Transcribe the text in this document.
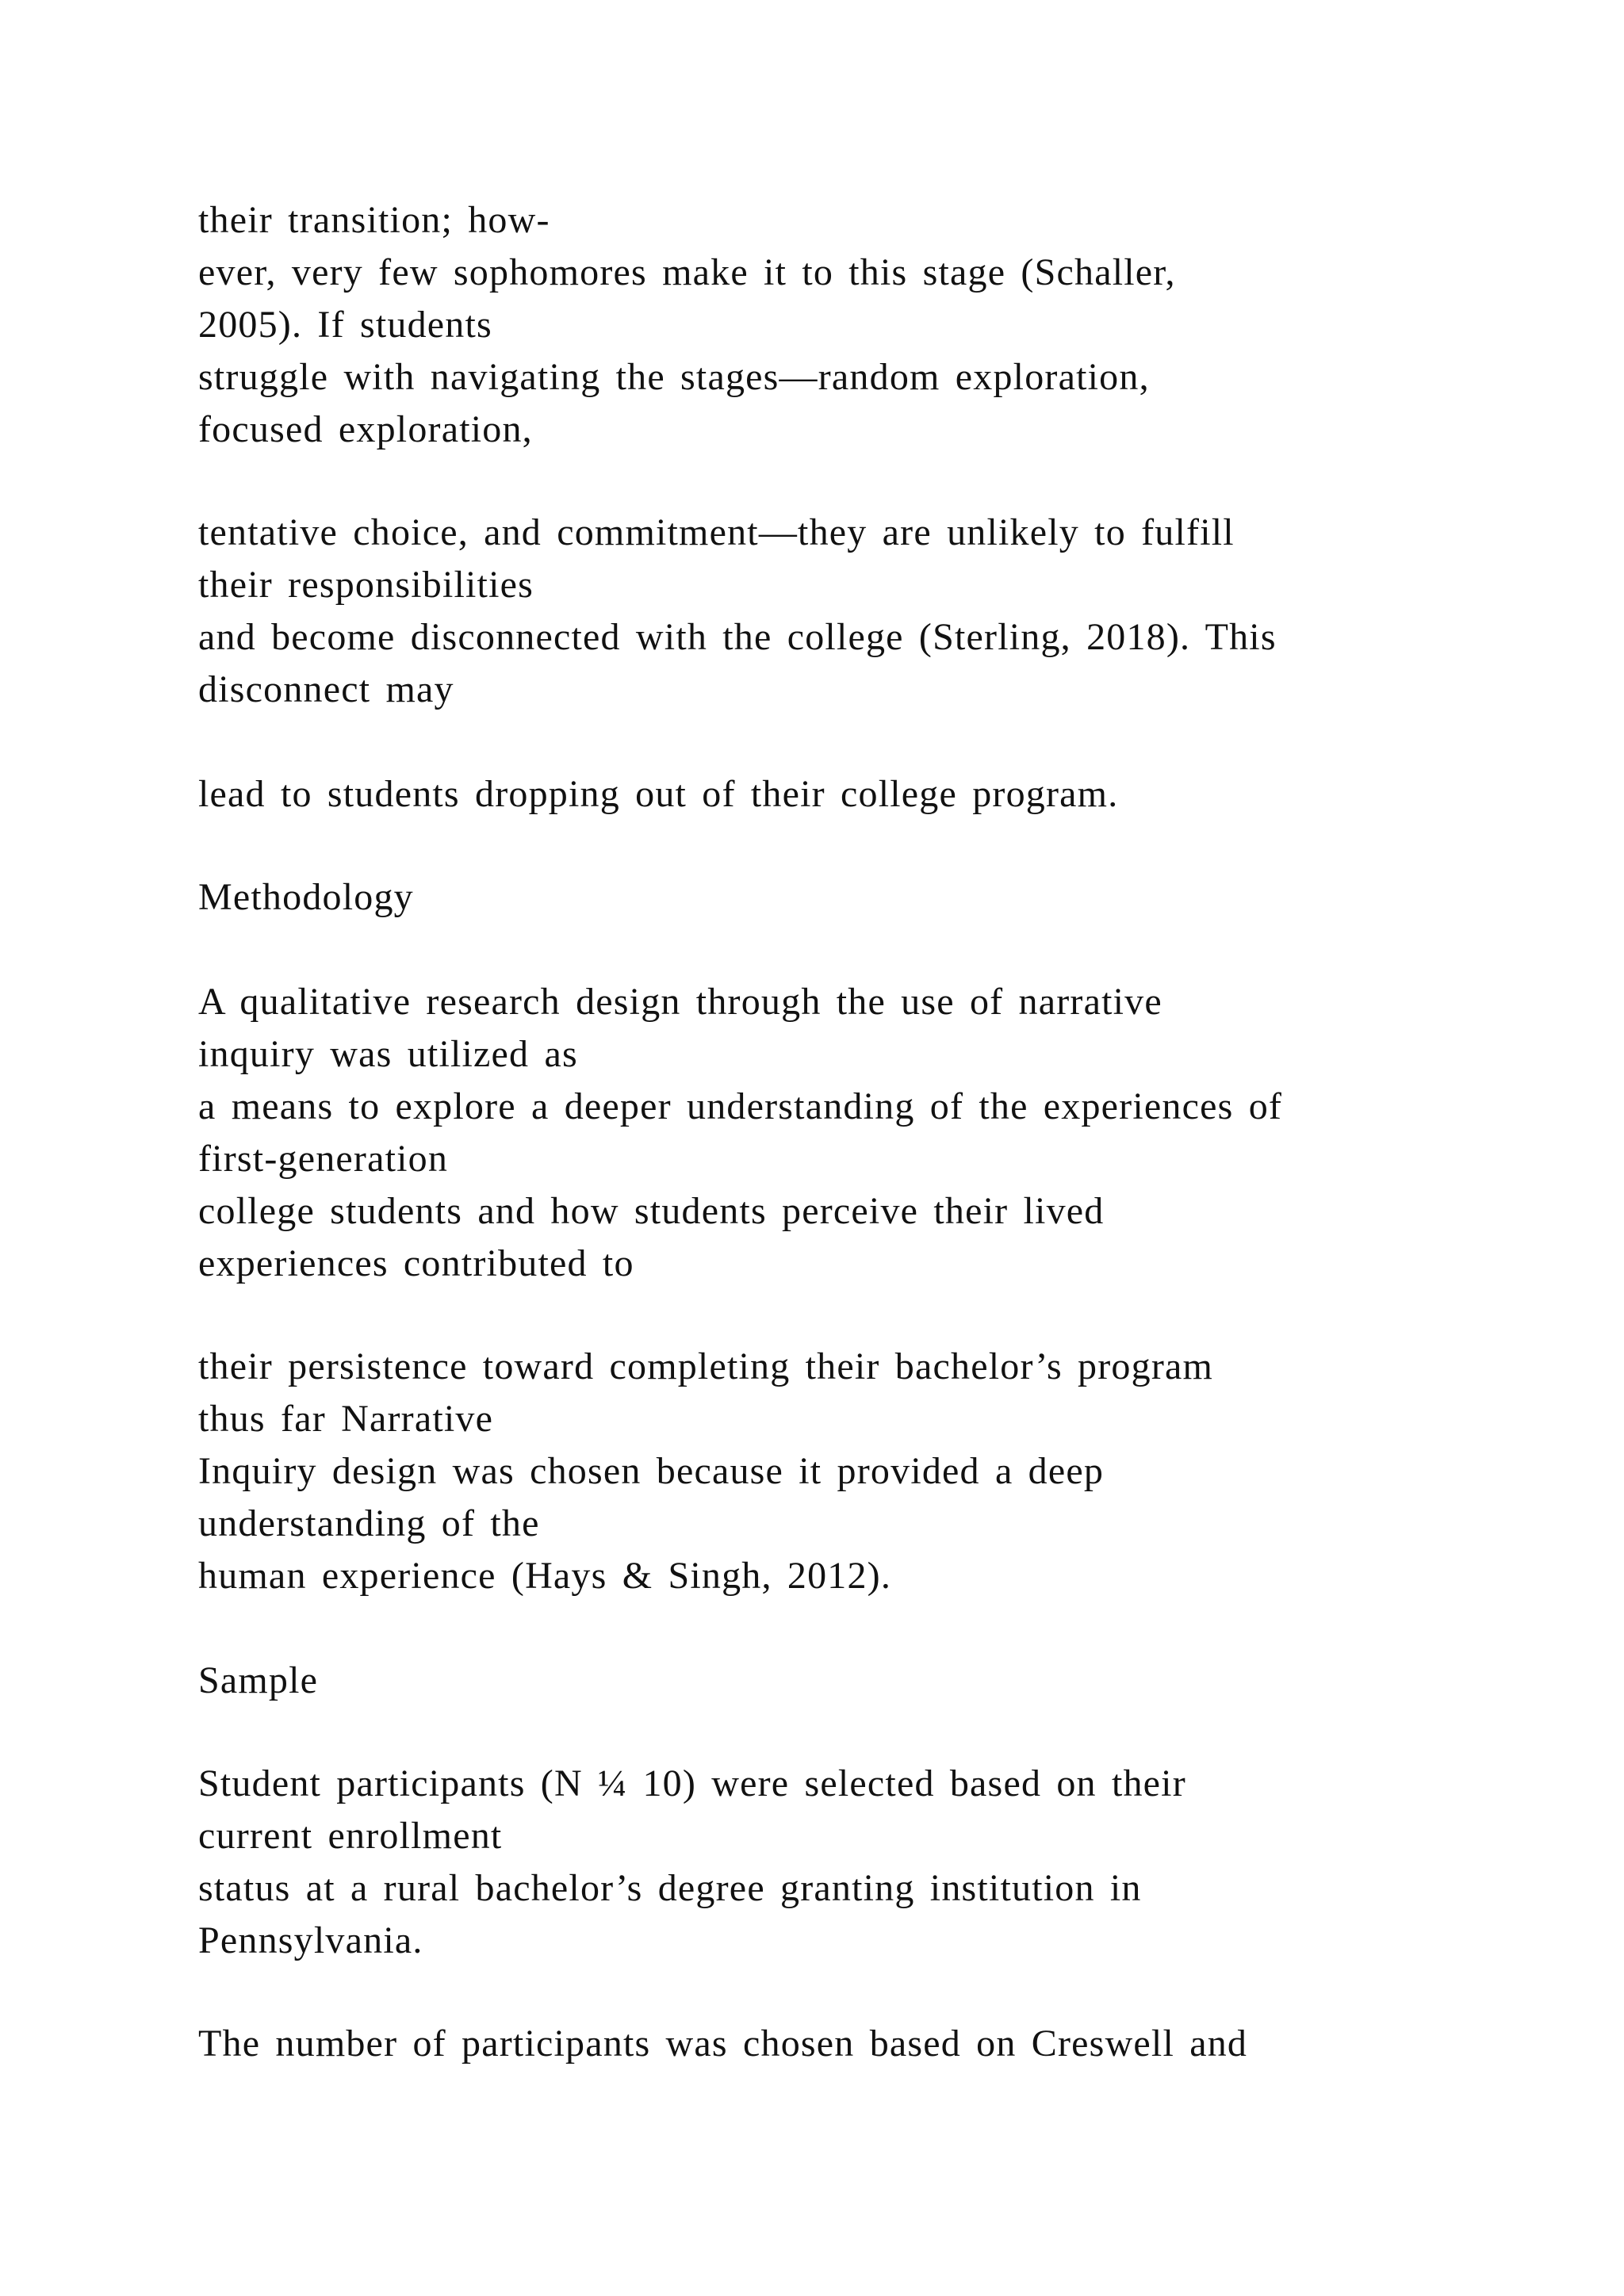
their transition; how-
ever, very few sophomores make it to this stage (Schaller,
2005). If students
struggle with navigating the stages—random exploration,
focused exploration,
tentative choice, and commitment—they are unlikely to fulfill
their responsibilities
and become disconnected with the college (Sterling, 2018). This
disconnect may
lead to students dropping out of their college program.
Methodology
A qualitative research design through the use of narrative
inquiry was utilized as
a means to explore a deeper understanding of the experiences of
first-generation
college students and how students perceive their lived
experiences contributed to
their persistence toward completing their bachelor’s program
thus far Narrative
Inquiry design was chosen because it provided a deep
understanding of the
human experience (Hays & Singh, 2012).
Sample
Student participants (N ¼ 10) were selected based on their
current enrollment
status at a rural bachelor’s degree granting institution in
Pennsylvania.
The number of participants was chosen based on Creswell and
